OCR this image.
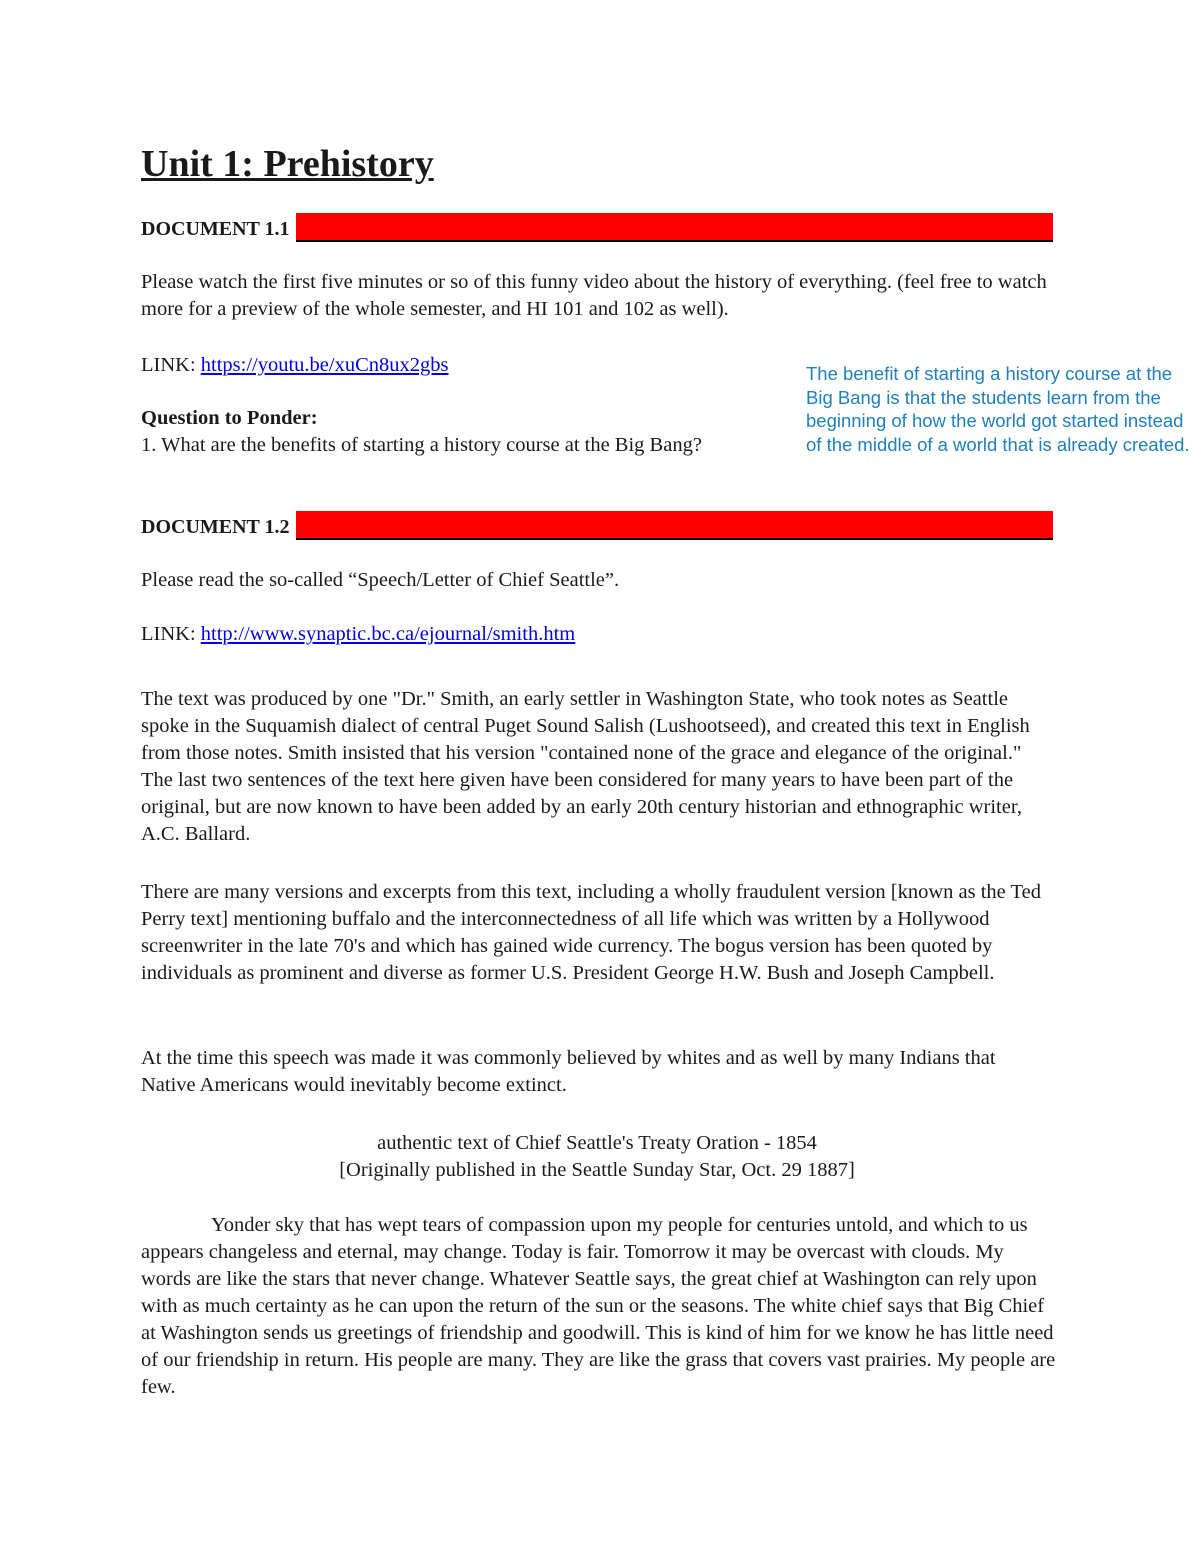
Unit 1: Prehistory
DOCUMENT 1.1

Please watch the first five minutes or so of this funny video about the history of everything. (feel free to watch more for a preview of the whole semester, and HI 101 and 102 as well).

LINK: https://youtu.be/xuCn8ux2gbs

Question to Ponder:

1. What are the benefits of starting a history course at the Big Bang?

The benefit of starting a history course at the Big Bang is that the students learn from the beginning of how the world got started instead of the middle of a world that is already created.

DOCUMENT 1.2

Please read the so-called “Speech/Letter of Chief Seattle”.

LINK: http://www.synaptic.bc.ca/ejournal/smith.htm

The text was produced by one "Dr." Smith, an early settler in Washington State, who took notes as Seattle spoke in the Suquamish dialect of central Puget Sound Salish (Lushootseed), and created this text in English from those notes. Smith insisted that his version "contained none of the grace and elegance of the original." The last two sentences of the text here given have been considered for many years to have been part of the original, but are now known to have been added by an early 20th century historian and ethnographic writer, A.C. Ballard.

There are many versions and excerpts from this text, including a wholly fraudulent version [known as the Ted Perry text] mentioning buffalo and the interconnectedness of all life which was written by a Hollywood screenwriter in the late 70's and which has gained wide currency. The bogus version has been quoted by individuals as prominent and diverse as former U.S. President George H.W. Bush and Joseph Campbell.

At the time this speech was made it was commonly believed by whites and as well by many Indians that Native Americans would inevitably become extinct.

authentic text of Chief Seattle's Treaty Oration - 1854

[Originally published in the Seattle Sunday Star, Oct. 29 1887]

Yonder sky that has wept tears of compassion upon my people for centuries untold, and which to us appears changeless and eternal, may change. Today is fair. Tomorrow it may be overcast with clouds. My words are like the stars that never change. Whatever Seattle says, the great chief at Washington can rely upon with as much certainty as he can upon the return of the sun or the seasons. The white chief says that Big Chief at Washington sends us greetings of friendship and goodwill. This is kind of him for we know he has little need of our friendship in return. His people are many. They are like the grass that covers vast prairies. My people are few.
